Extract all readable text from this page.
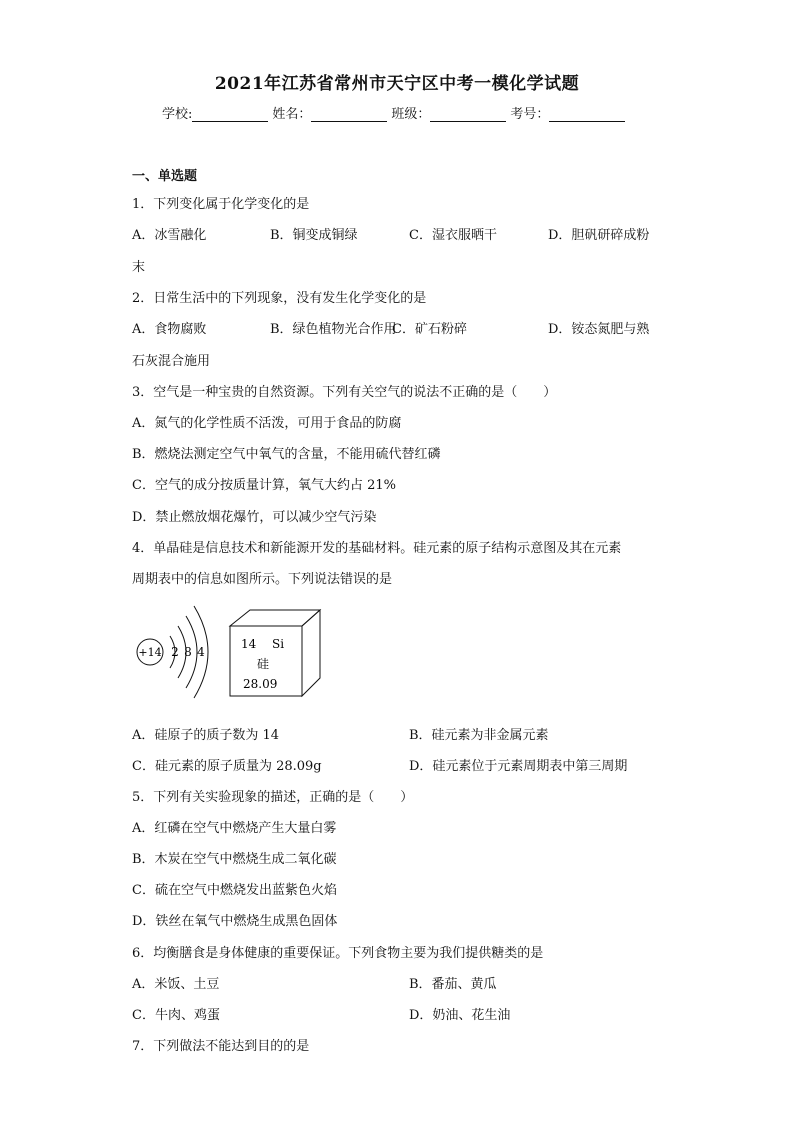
2021年江苏省常州市天宁区中考一模化学试题
学校:	姓名：	班级：	考号：
一、单选题
1．下列变化属于化学变化的是
A．冰雪融化	B．铜变成铜绿	C．湿衣服晒干	D．胆矾研碎成粉
末
2．日常生活中的下列现象，没有发生化学变化的是
A．食物腐败	B．绿色植物光合作用
C．矿石粉碎	D．铵态氮肥与熟
石灰混合施用
3．空气是一种宝贵的自然资源。下列有关空气的说法不正确的是（　　）
A．氮气的化学性质不活泼，可用于食品的防腐
B．燃烧法测定空气中氧气的含量，不能用硫代替红磷
C．空气的成分按质量计算，氧气大约占 21%
D．禁止燃放烟花爆竹，可以减少空气污染
4．单晶硅是信息技术和新能源开发的基础材料。硅元素的原子结构示意图及其在元素
周期表中的信息如图所示。下列说法错误的是
+14 2 8 4
14 Si
硅
28.09
A．硅原子的质子数为 14	B．硅元素为非金属元素
C．硅元素的原子质量为 28.09g	D．硅元素位于元素周期表中第三周期
5．下列有关实验现象的描述，正确的是（　　）
A．红磷在空气中燃烧产生大量白雾
B．木炭在空气中燃烧生成二氧化碳
C．硫在空气中燃烧发出蓝紫色火焰
D．铁丝在氧气中燃烧生成黑色固体
6．均衡膳食是身体健康的重要保证。下列食物主要为我们提供糖类的是
A．米饭、土豆	B．番茄、黄瓜
C．牛肉、鸡蛋	D．奶油、花生油
7．下列做法不能达到目的的是
